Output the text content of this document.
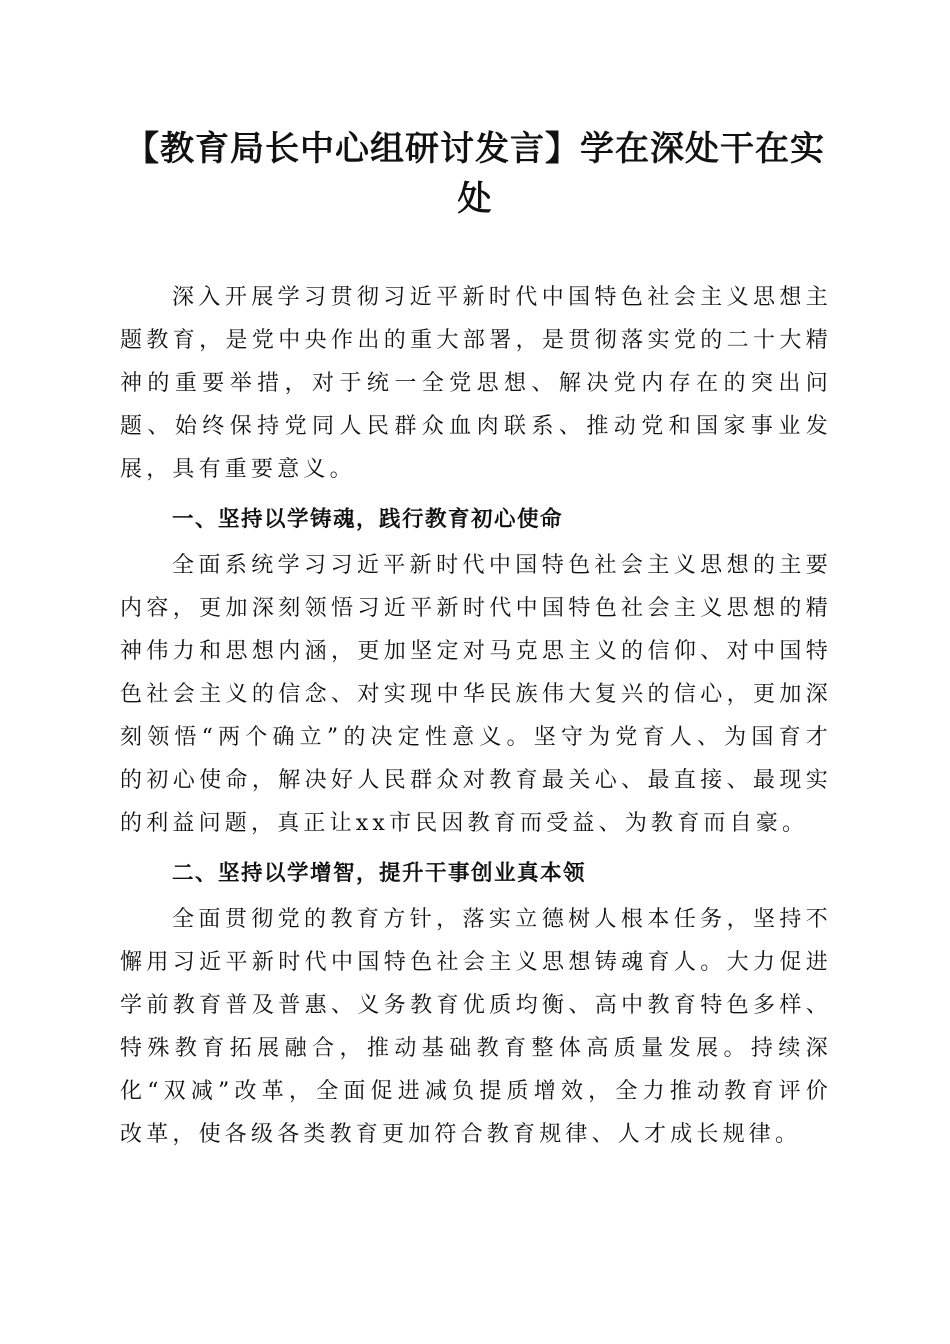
【教育局长中心组研讨发言】学在深处干在实处

深入开展学习贯彻习近平新时代中国特色社会主义思想主题教育，是党中央作出的重大部署，是贯彻落实党的二十大精神的重要举措，对于统一全党思想、解决党内存在的突出问题、始终保持党同人民群众血肉联系、推动党和国家事业发展，具有重要意义。

一、坚持以学铸魂，践行教育初心使命

全面系统学习习近平新时代中国特色社会主义思想的主要内容，更加深刻领悟习近平新时代中国特色社会主义思想的精神伟力和思想内涵，更加坚定对马克思主义的信仰、对中国特色社会主义的信念、对实现中华民族伟大复兴的信心，更加深刻领悟“两个确立”的决定性意义。坚守为党育人、为国育才的初心使命，解决好人民群众对教育最关心、最直接、最现实的利益问题，真正让xx市民因教育而受益、为教育而自豪。

二、坚持以学增智，提升干事创业真本领

全面贯彻党的教育方针，落实立德树人根本任务，坚持不懈用习近平新时代中国特色社会主义思想铸魂育人。大力促进学前教育普及普惠、义务教育优质均衡、高中教育特色多样、特殊教育拓展融合，推动基础教育整体高质量发展。持续深化“双减”改革，全面促进减负提质增效，全力推动教育评价改革，使各级各类教育更加符合教育规律、人才成长规律。
